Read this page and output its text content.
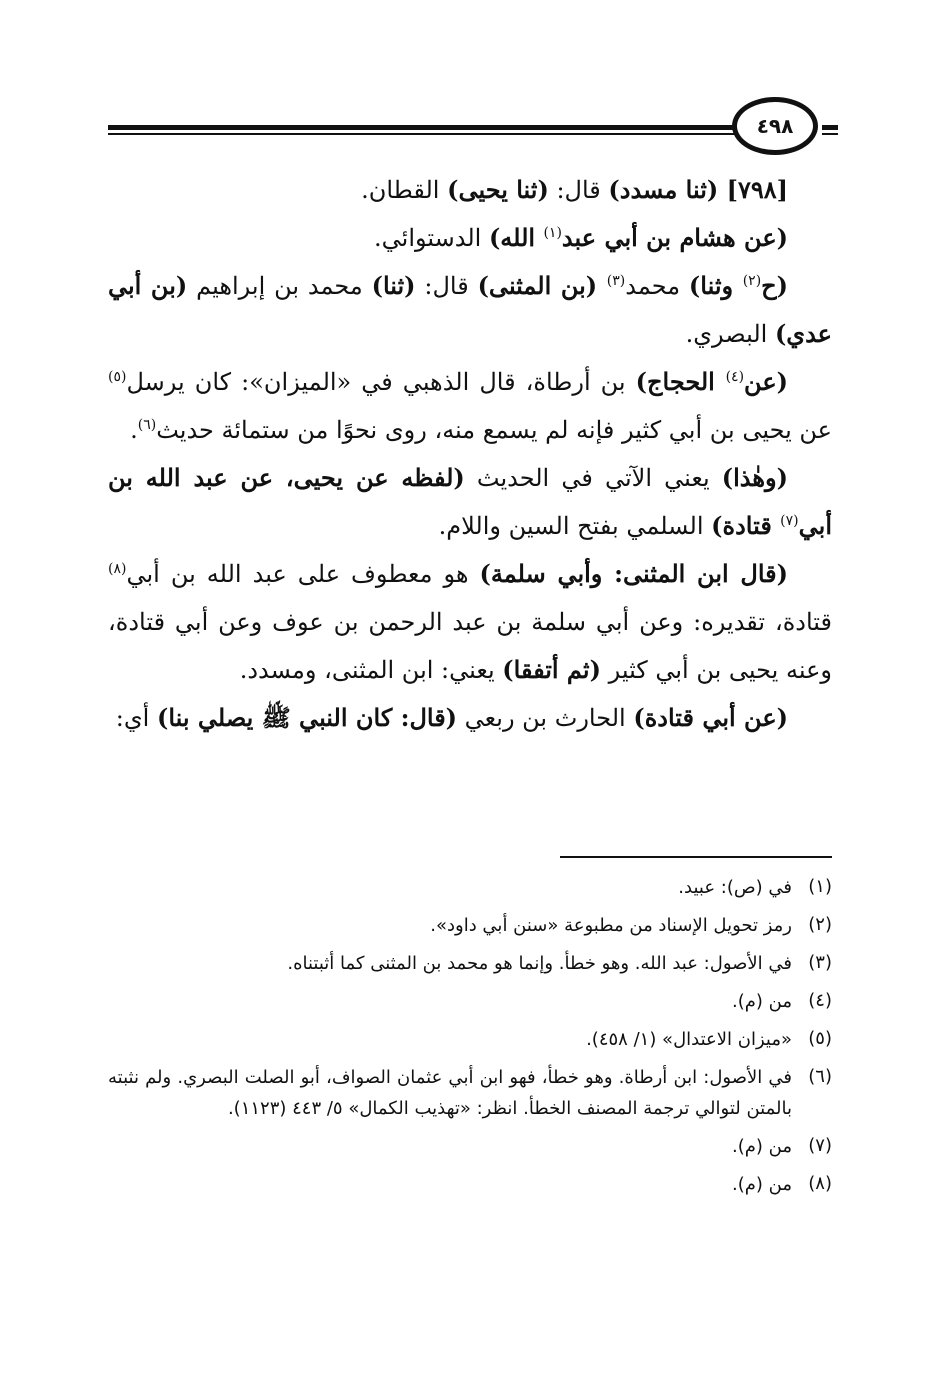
٤٩٨

[٧٩٨] (ثنا مسدد) قال: (ثنا يحيى) القطان.

(عن هشام بن أبي عبد$^{(١)}$ الله) الدستوائي.

(ح$^{(٢)}$ وثنا) محمد$^{(٣)}$ (بن المثنى) قال: (ثنا) محمد بن إبراهيم (بن أبي عدي) البصري.

(عن$^{(٤)}$ الحجاج) بن أرطاة، قال الذهبي في «الميزان»: كان يرسل$^{(٥)}$ عن يحيى بن أبي كثير فإنه لم يسمع منه، روى نحوًا من ستمائة حديث$^{(٦)}$.

(وهٰذا) يعني الآتي في الحديث (لفظه عن يحيى، عن عبد الله بن أبي$^{(٧)}$ قتادة) السلمي بفتح السين واللام.

(قال ابن المثنى: وأبي سلمة) هو معطوف على عبد الله بن أبي$^{(٨)}$ قتادة، تقديره: وعن أبي سلمة بن عبد الرحمن بن عوف وعن أبي قتادة، وعنه يحيى بن أبي كثير (ثم أتفقا) يعني: ابن المثنى، ومسدد.

(عن أبي قتادة) الحارث بن ربعي (قال: كان النبي ﷺ يصلي بنا) أي:

(١)
في (ص): عبيد.
(٢)
رمز تحويل الإسناد من مطبوعة «سنن أبي داود».
(٣)
في الأصول: عبد الله. وهو خطأ. وإنما هو محمد بن المثنى كما أثبتناه.
(٤)
من (م).
(٥)
«ميزان الاعتدال» (١/ ٤٥٨).
(٦)
في الأصول: ابن أرطاة. وهو خطأ، فهو ابن أبي عثمان الصواف، أبو الصلت البصري. ولم نثبته بالمتن لتوالي ترجمة المصنف الخطأ. انظر: «تهذيب الكمال» ٥/ ٤٤٣ (١١٢٣).
(٧)
من (م).
(٨)
من (م).
